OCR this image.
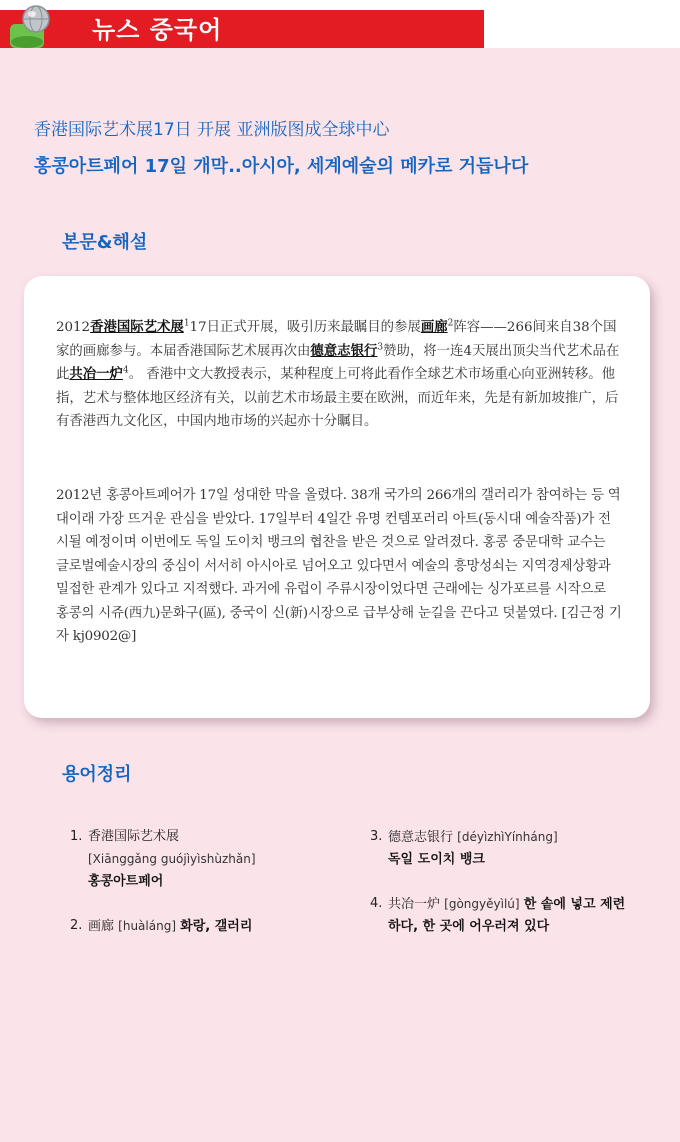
뉴스 중국어
香港国际艺术展17日 开展 亚洲版图成全球中心
홍콩아트페어 17일 개막..아시아, 세계예술의 메카로 거듭나다
본문&해설
2012香港国际艺术展$^1$17日正式开展，吸引历来最瞩目的参展画廊$^2$阵容——266间来自38个国家的画廊参与。本届香港国际艺术展再次由德意志银行$^3$赞助，将一连4天展出顶尖当代艺术品在此共冶一炉$^4$。 香港中文大教授表示，某种程度上可将此看作全球艺术市场重心向亚洲转移。他指，艺术与整体地区经济有关，以前艺术市场最主要在欧洲，而近年来，先是有新加坡推广，后有香港西九文化区，中国内地市场的兴起亦十分瞩目。
2012년 홍콩아트페어가 17일 성대한 막을 올렸다. 38개 국가의 266개의 갤러리가 참여하는 등 역대이래 가장 뜨거운 관심을 받았다. 17일부터 4일간 유명 컨템포러리 아트(동시대 예술작품)가 전시될 예정이며 이번에도 독일 도이치 뱅크의 협찬을 받은 것으로 알려졌다. 홍콩 중문대학 교수는 글로벌예술시장의 중심이 서서히 아시아로 넘어오고 있다면서 예술의 흥망성쇠는 지역경제상황과 밀접한 관계가 있다고 지적했다. 과거에 유럽이 주류시장이었다면 근래에는 싱가포르를 시작으로 홍콩의 시쥬(西九)문화구(區), 중국이 신(新)시장으로 급부상해 눈길을 끈다고 덧붙였다. [김근정 기자 kj0902@]
용어정리
1. 香港国际艺术展
[Xiānggǎng guójìyìshùzhǎn]
홍콩아트페어
2. 画廊 [huàláng] 화랑, 갤러리
3. 德意志银行 [déyìzhìYínháng]
독일 도이치 뱅크
4. 共冶一炉 [gòngyěyìlú] 한 솥에 넣고 제련하다, 한 곳에 어우러져 있다
